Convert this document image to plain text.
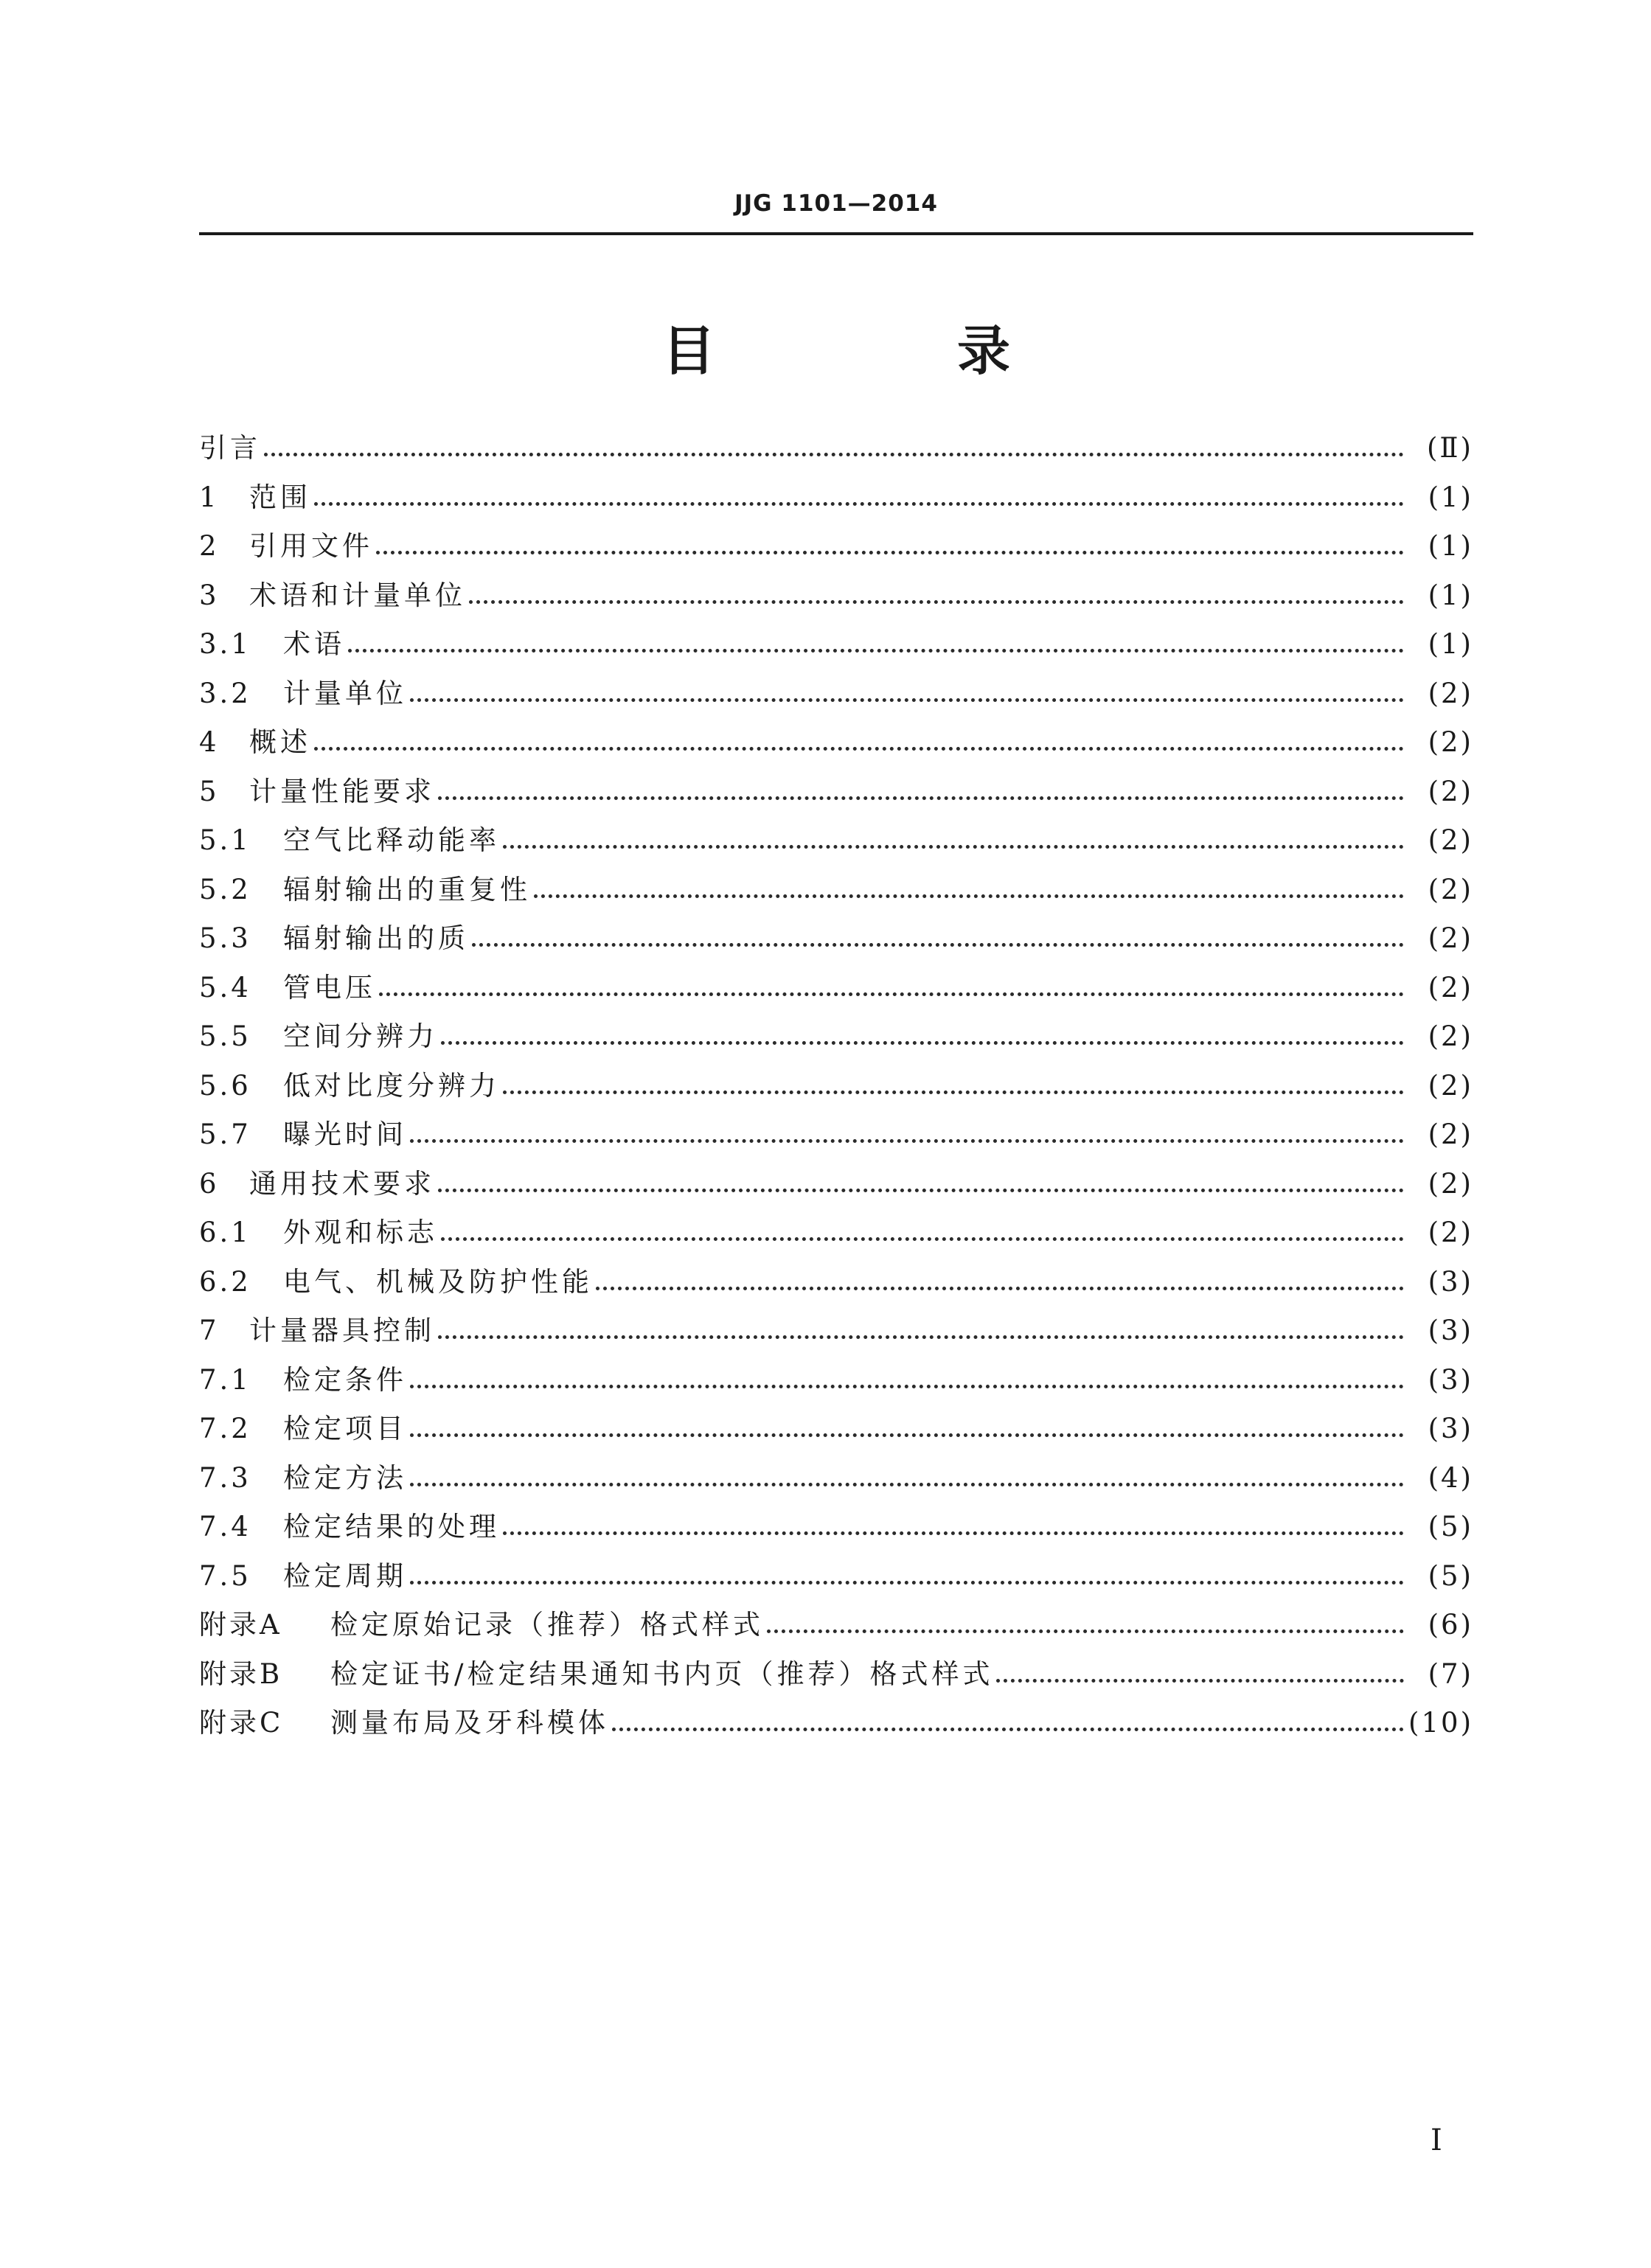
JJG 1101—2014
目　录
引言	(Ⅱ)
1	范围	(1)
2	引用文件	(1)
3	术语和计量单位	(1)
3.1	术语	(1)
3.2	计量单位	(2)
4	概述	(2)
5	计量性能要求	(2)
5.1	空气比释动能率	(2)
5.2	辐射输出的重复性	(2)
5.3	辐射输出的质	(2)
5.4	管电压	(2)
5.5	空间分辨力	(2)
5.6	低对比度分辨力	(2)
5.7	曝光时间	(2)
6	通用技术要求	(2)
6.1	外观和标志	(2)
6.2	电气、机械及防护性能	(3)
7	计量器具控制	(3)
7.1	检定条件	(3)
7.2	检定项目	(3)
7.3	检定方法	(4)
7.4	检定结果的处理	(5)
7.5	检定周期	(5)
附录A	检定原始记录（推荐）格式样式	(6)
附录B	检定证书/检定结果通知书内页（推荐）格式样式	(7)
附录C	测量布局及牙科模体	(10)
I
